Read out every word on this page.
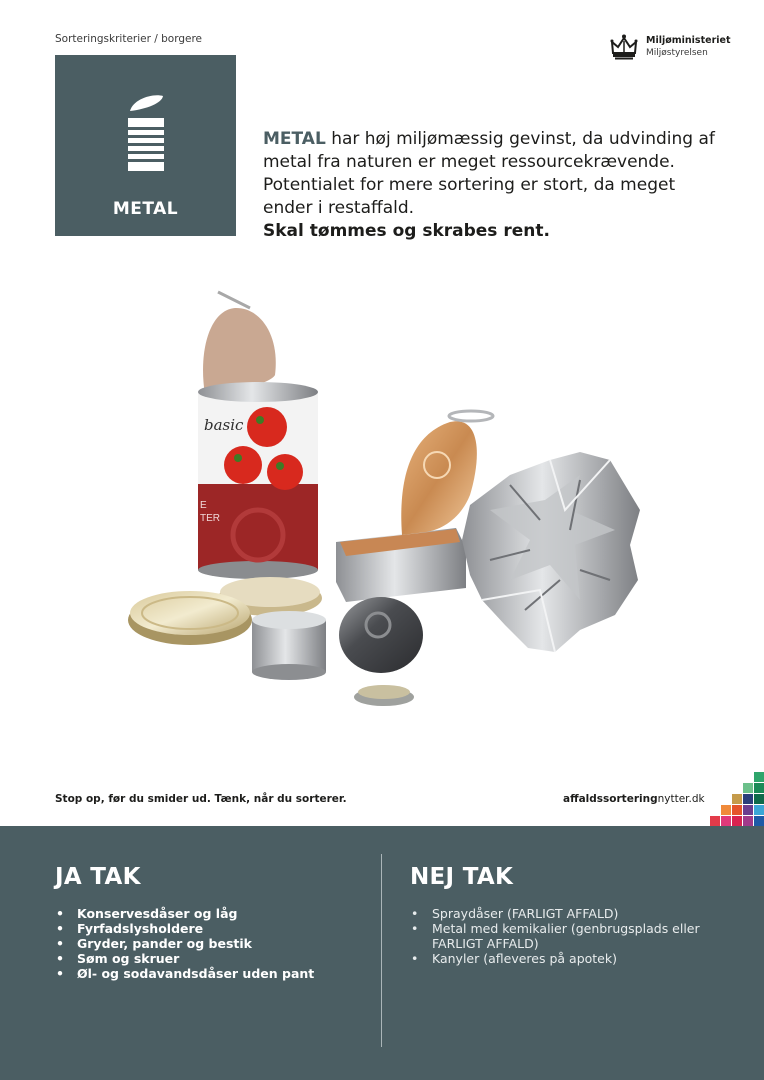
Sorteringskriterier / borgere	Miljøministeriet
Miljøstyrelsen
METAL
METAL har høj miljømæssig gevinst, da udvinding af metal fra naturen er meget ressourcekrævende. Potentialet for mere sortering er stort, da meget ender i restaffald.
Skal tømmes og skrabes rent.
basic
E
TER
Stop op, før du smider ud. Tænk, når du sorterer.	affaldssorteringnytter.dk
JA TAK
• Konservesdåser og låg
• Fyrfadslysholdere
• Gryder, pander og bestik
• Søm og skruer
• Øl- og sodavandsdåser uden pant
NEJ TAK
• Spraydåser (FARLIGT AFFALD)
• Metal med kemikalier (genbrugsplads eller FARLIGT AFFALD)
• Kanyler (afleveres på apotek)
